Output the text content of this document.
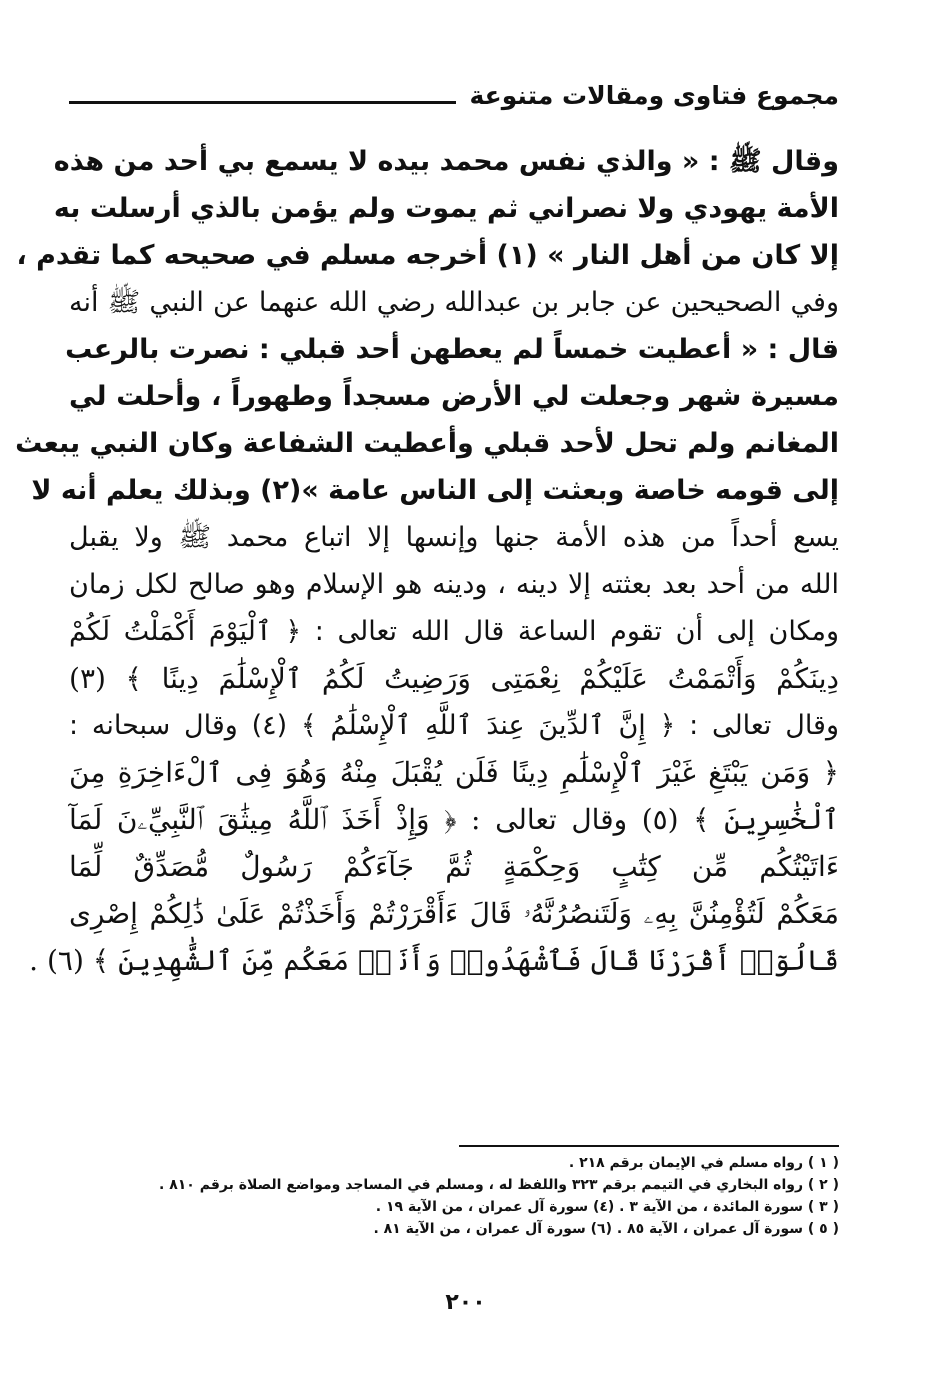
مجموع فتاوى ومقالات متنوعة
وقال ﷺ : « والذي نفس محمد بيده لا يسمع بي أحد من هذه
الأمة يهودي ولا نصراني ثم يموت ولم يؤمن بالذي أرسلت به
إلا كان من أهل النار » (١) أخرجه مسلم في صحيحه كما تقدم ،
وفي الصحيحين عن جابر بن عبدالله رضي الله عنهما عن النبي ﷺ أنه
قال : « أعطيت خمساً لم يعطهن أحد قبلي : نصرت بالرعب
مسيرة شهر وجعلت لي الأرض مسجداً وطهوراً ، وأحلت لي
المغانم ولم تحل لأحد قبلي وأعطيت الشفاعة وكان النبي يبعث
إلى قومه خاصة وبعثت إلى الناس عامة »(٢) وبذلك يعلم أنه لا
يسع أحداً من هذه الأمة جنها وإنسها إلا اتباع محمد ﷺ ولا يقبل
الله من أحد بعد بعثته إلا دينه ، ودينه هو الإسلام وهو صالح لكل زمان
ومكان إلى أن تقوم الساعة قال الله تعالى : ﴿ ٱلْيَوْمَ أَكْمَلْتُ لَكُمْ
دِينَكُمْ وَأَتْمَمْتُ عَلَيْكُمْ نِعْمَتِى وَرَضِيتُ لَكُمُ ٱلْإِسْلَٰمَ دِينًا ﴾ (٣)
وقال تعالى : ﴿ إِنَّ ٱلدِّينَ عِندَ ٱللَّهِ ٱلْإِسْلَٰمُ ﴾ (٤) وقال سبحانه :
﴿ وَمَن يَبْتَغِ غَيْرَ ٱلْإِسْلَٰمِ دِينًا فَلَن يُقْبَلَ مِنْهُ وَهُوَ فِى ٱلْءَاخِرَةِ مِنَ
ٱلْخَٰسِرِينَ ﴾ (٥) وقال تعالى : ﴿ وَإِذْ أَخَذَ ٱللَّهُ مِيثَٰقَ ٱلنَّبِيِّۦنَ لَمَآ
ءَاتَيْتُكُم مِّن كِتَٰبٍ وَحِكْمَةٍ ثُمَّ جَآءَكُمْ رَسُولٌ مُّصَدِّقٌ لِّمَا
مَعَكُمْ لَتُؤْمِنُنَّ بِهِۦ وَلَتَنصُرُنَّهُۥ قَالَ ءَأَقْرَرْتُمْ وَأَخَذْتُمْ عَلَىٰ ذَٰلِكُمْ إِصْرِى
قَالُوٓا۟ أَقْرَرْنَا قَالَ فَٱشْهَدُوا۟ وَأَنَا۠ مَعَكُم مِّنَ ٱلشَّٰهِدِينَ ﴾ (٦) .
( ١ ) رواه مسلم في الإيمان برقم ٢١٨ .
( ٢ ) رواه البخاري في التيمم برقم ٣٢٣ واللفظ له ، ومسلم في المساجد ومواضع الصلاة برقم ٨١٠ .
( ٣ ) سورة المائدة ، من الآية ٣ . (٤) سورة آل عمران ، من الآية ١٩ .
( ٥ ) سورة آل عمران ، الآية ٨٥ . (٦) سورة آل عمران ، من الآية ٨١ .
٢٠٠
